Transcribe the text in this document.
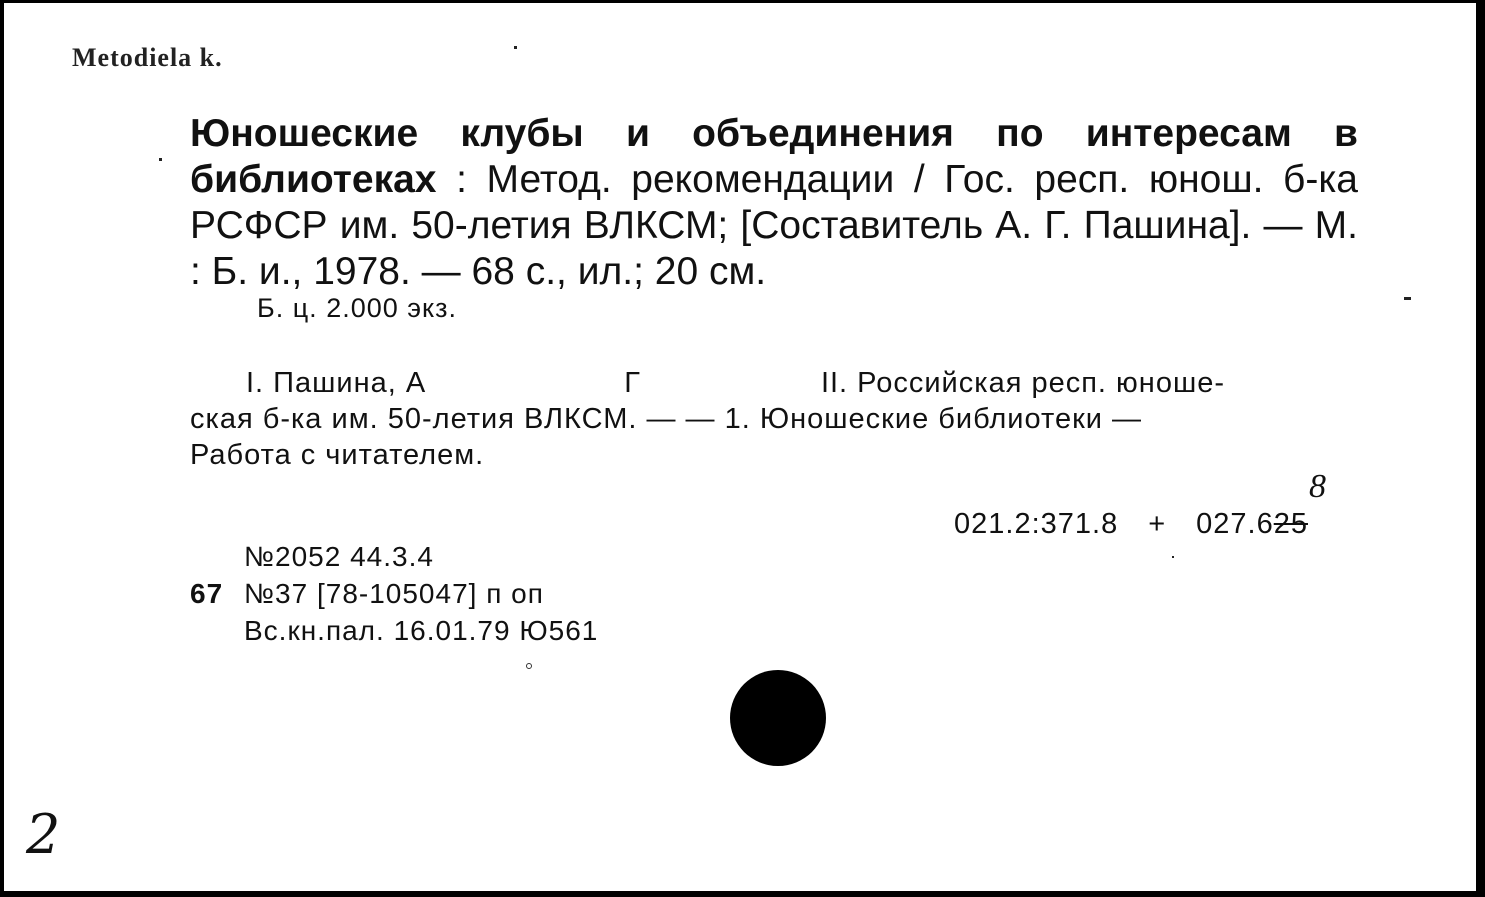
Metodiela k.
Юношеские клубы и объединения по интересам в библиотеках : Метод. рекомендации / Гос. респ. юнош. б-ка РСФСР им. 50-летия ВЛКСМ; [Составитель А. Г. Пашина]. — М. : Б. и., 1978. — 68 с., ил.; 20 см.
Б. ц. 2.000 экз.
I. Пашина, А	Г	II. Российская респ. юноше-
ская б-ка им. 50-летия ВЛКСМ. — — 1. Юношеские библиотеки —
Работа с читателем.
8
021.2:371.8 + 027.625
№2052 44.3.4
67 №37 [78-105047] п оп
Вс.кн.пал. 16.01.79 Ю561
2
